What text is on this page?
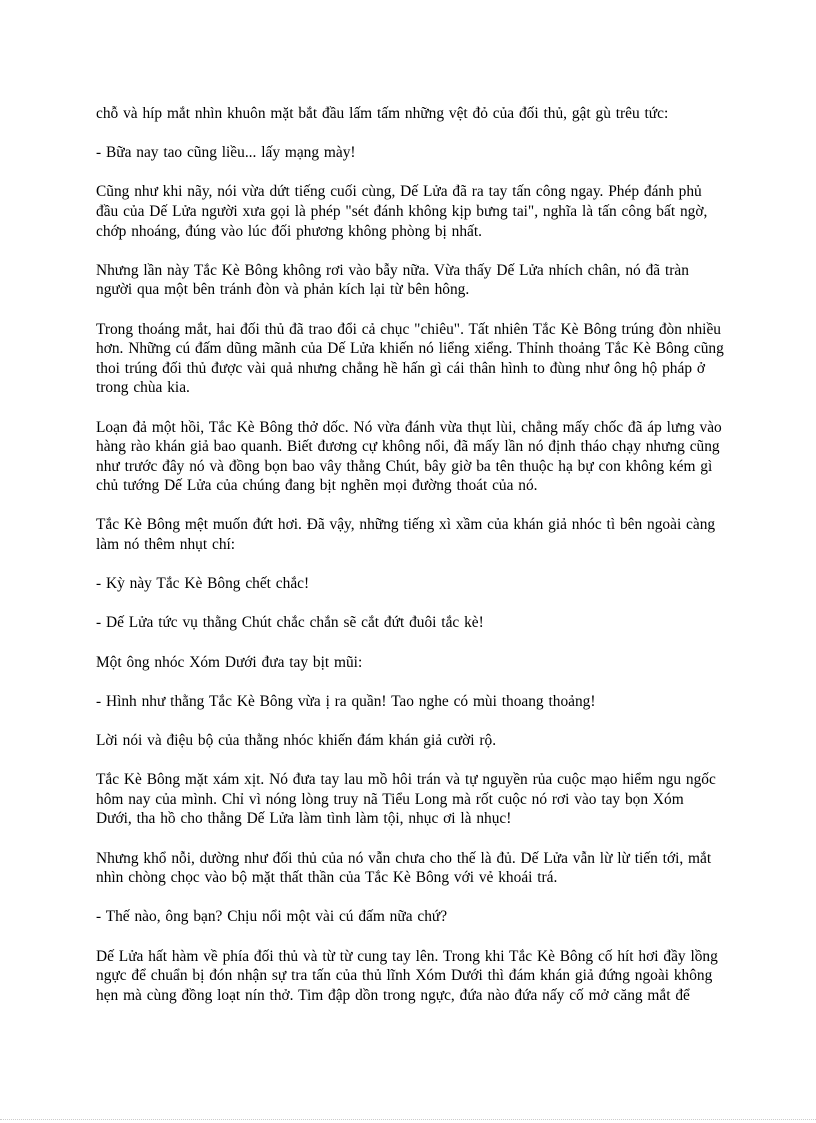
chỗ và híp mắt nhìn khuôn mặt bắt đầu lấm tấm những vệt đỏ của đối thủ, gật gù trêu tức:

- Bữa nay tao cũng liều... lấy mạng mày!

Cũng như khi nãy, nói vừa dứt tiếng cuối cùng, Dế Lửa đã ra tay tấn công ngay. Phép đánh phủ đầu của Dế Lửa người xưa gọi là phép "sét đánh không kịp bưng tai", nghĩa là tấn công bất ngờ, chớp nhoáng, đúng vào lúc đối phương không phòng bị nhất.

Nhưng lần này Tắc Kè Bông không rơi vào bẫy nữa. Vừa thấy Dế Lửa nhích chân, nó đã tràn người qua một bên tránh đòn và phản kích lại từ bên hông.

Trong thoáng mắt, hai đối thủ đã trao đổi cả chục "chiêu". Tất nhiên Tắc Kè Bông trúng đòn nhiều hơn. Những cú đấm dũng mãnh của Dế Lửa khiến nó liểng xiểng. Thỉnh thoảng Tắc Kè Bông cũng thoi trúng đối thủ được vài quả nhưng chẳng hề hấn gì cái thân hình to đùng như ông hộ pháp ở trong chùa kia.

Loạn đả một hồi, Tắc Kè Bông thở dốc. Nó vừa đánh vừa thụt lùi, chẳng mấy chốc đã áp lưng vào hàng rào khán giả bao quanh. Biết đương cự không nổi, đã mấy lần nó định tháo chạy nhưng cũng như trước đây nó và đồng bọn bao vây thằng Chút, bây giờ ba tên thuộc hạ bự con không kém gì chủ tướng Dế Lửa của chúng đang bịt nghẽn mọi đường thoát của nó.

Tắc Kè Bông mệt muốn đứt hơi. Đã vậy, những tiếng xì xầm của khán giả nhóc tì bên ngoài càng làm nó thêm nhụt chí:

- Kỳ này Tắc Kè Bông chết chắc!

- Dế Lửa tức vụ thằng Chút chắc chắn sẽ cắt đứt đuôi tắc kè!

Một ông nhóc Xóm Dưới đưa tay bịt mũi:

- Hình như thằng Tắc Kè Bông vừa ị ra quần! Tao nghe có mùi thoang thoảng!

Lời nói và điệu bộ của thằng nhóc khiến đám khán giả cười rộ.

Tắc Kè Bông mặt xám xịt. Nó đưa tay lau mồ hôi trán và tự nguyền rủa cuộc mạo hiểm ngu ngốc hôm nay của mình. Chỉ vì nóng lòng truy nã Tiểu Long mà rốt cuộc nó rơi vào tay bọn Xóm Dưới, tha hồ cho thằng Dế Lửa làm tình làm tội, nhục ơi là nhục!

Nhưng khổ nỗi, dường như đối thủ của nó vẫn chưa cho thế là đủ. Dế Lửa vẫn lừ lừ tiến tới, mắt nhìn chòng chọc vào bộ mặt thất thần của Tắc Kè Bông với vẻ khoái trá.

- Thế nào, ông bạn? Chịu nổi một vài cú đấm nữa chứ?

Dế Lửa hất hàm về phía đối thủ và từ từ cung tay lên. Trong khi Tắc Kè Bông cố hít hơi đầy lồng ngực để chuẩn bị đón nhận sự tra tấn của thủ lĩnh Xóm Dưới thì đám khán giả đứng ngoài không hẹn mà cùng đồng loạt nín thở. Tim đập dồn trong ngực, đứa nào đứa nấy cố mở căng mắt để
